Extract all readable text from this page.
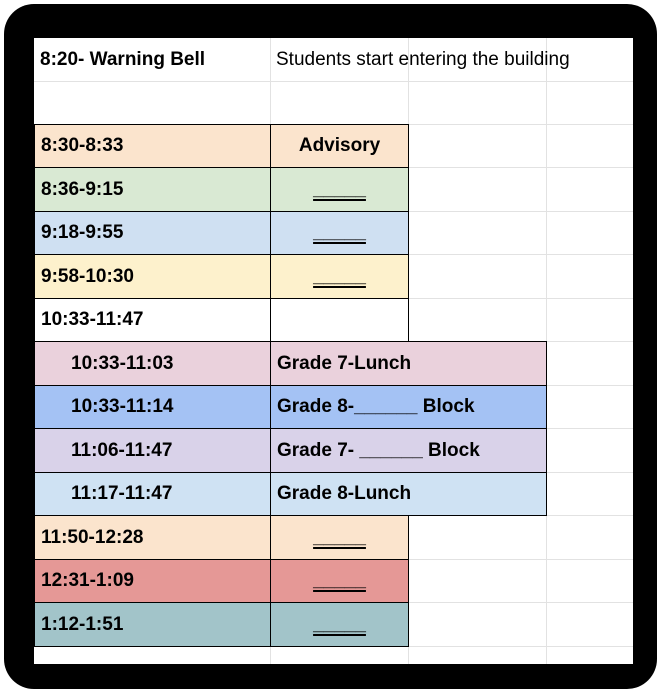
8:20- Warning Bell	Students start entering the building
8:30-8:33	Advisory
8:36-9:15	_____
9:18-9:55	_____
9:58-10:30	_____
10:33-11:47
10:33-11:03	Grade 7-Lunch
10:33-11:14	Grade 8-______ Block
11:06-11:47	Grade 7- ______ Block
11:17-11:47	Grade 8-Lunch
11:50-12:28	_____
12:31-1:09	_____
1:12-1:51	_____
